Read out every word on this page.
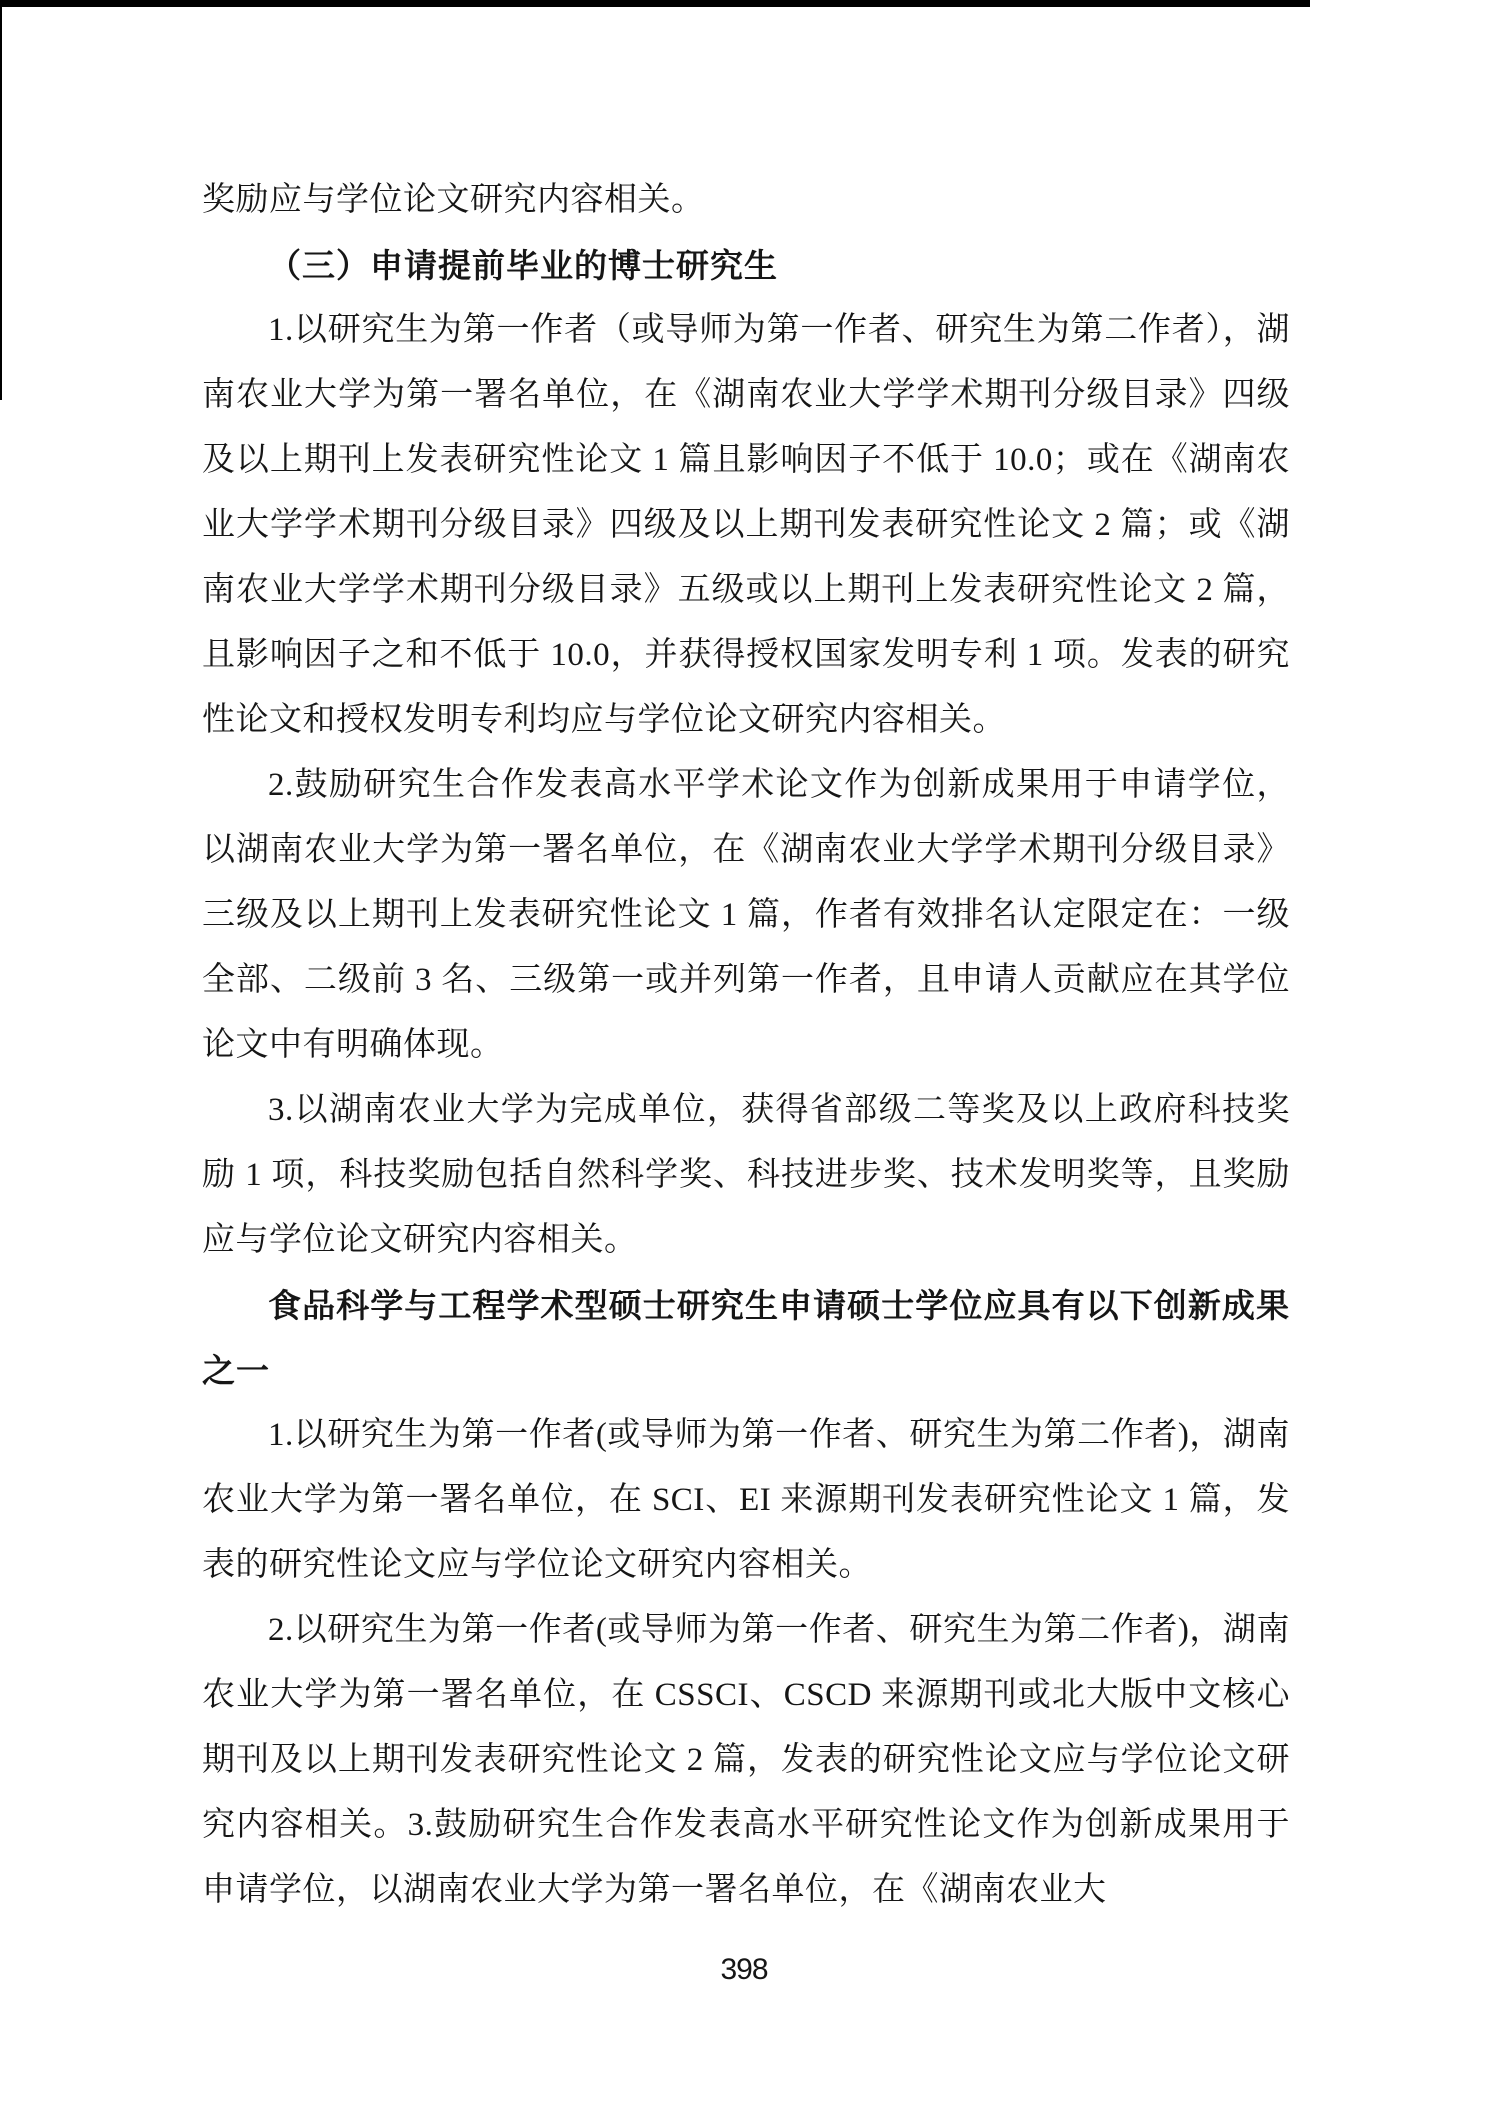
奖励应与学位论文研究内容相关。

（三）申请提前毕业的博士研究生

1.以研究生为第一作者（或导师为第一作者、研究生为第二作者），湖南农业大学为第一署名单位，在《湖南农业大学学术期刊分级目录》四级及以上期刊上发表研究性论文 1 篇且影响因子不低于 10.0；或在《湖南农业大学学术期刊分级目录》四级及以上期刊发表研究性论文 2 篇；或《湖南农业大学学术期刊分级目录》五级或以上期刊上发表研究性论文 2 篇，且影响因子之和不低于 10.0，并获得授权国家发明专利 1 项。发表的研究性论文和授权发明专利均应与学位论文研究内容相关。

2.鼓励研究生合作发表高水平学术论文作为创新成果用于申请学位，以湖南农业大学为第一署名单位，在《湖南农业大学学术期刊分级目录》三级及以上期刊上发表研究性论文 1 篇，作者有效排名认定限定在：一级全部、二级前 3 名、三级第一或并列第一作者，且申请人贡献应在其学位论文中有明确体现。

3.以湖南农业大学为完成单位，获得省部级二等奖及以上政府科技奖励 1 项，科技奖励包括自然科学奖、科技进步奖、技术发明奖等，且奖励应与学位论文研究内容相关。

食品科学与工程学术型硕士研究生申请硕士学位应具有以下创新成果之一

1.以研究生为第一作者(或导师为第一作者、研究生为第二作者)，湖南农业大学为第一署名单位，在 SCI、EI 来源期刊发表研究性论文 1 篇，发表的研究性论文应与学位论文研究内容相关。

2.以研究生为第一作者(或导师为第一作者、研究生为第二作者)，湖南农业大学为第一署名单位，在 CSSCI、CSCD 来源期刊或北大版中文核心期刊及以上期刊发表研究性论文 2 篇，发表的研究性论文应与学位论文研究内容相关。3.鼓励研究生合作发表高水平研究性论文作为创新成果用于申请学位，以湖南农业大学为第一署名单位，在《湖南农业大

398
